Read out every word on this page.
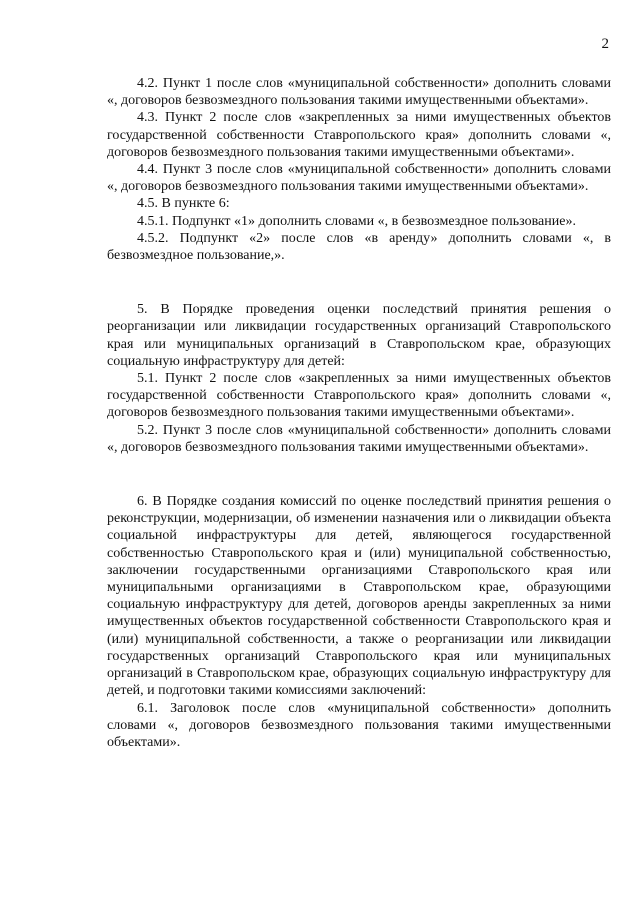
2

4.2. Пункт 1 после слов «муниципальной собственности» дополнить словами «, договоров безвозмездного пользования такими имущественными объектами».

4.3. Пункт 2 после слов «закрепленных за ними имущественных объектов государственной собственности Ставропольского края» дополнить словами «, договоров безвозмездного пользования такими имущественными объектами».

4.4. Пункт 3 после слов «муниципальной собственности» дополнить словами «, договоров безвозмездного пользования такими имущественными объектами».

4.5. В пункте 6:

4.5.1. Подпункт «1» дополнить словами «, в безвозмездное пользование».

4.5.2. Подпункт «2» после слов «в аренду» дополнить словами «, в безвозмездное пользование,».

5. В Порядке проведения оценки последствий принятия решения о реорганизации или ликвидации государственных организаций Ставропольского края или муниципальных организаций в Ставропольском крае, образующих социальную инфраструктуру для детей:

5.1. Пункт 2 после слов «закрепленных за ними имущественных объектов государственной собственности Ставропольского края» дополнить словами «, договоров безвозмездного пользования такими имущественными объектами».

5.2. Пункт 3 после слов «муниципальной собственности» дополнить словами «, договоров безвозмездного пользования такими имущественными объектами».

6. В Порядке создания комиссий по оценке последствий принятия решения о реконструкции, модернизации, об изменении назначения или о ликвидации объекта социальной инфраструктуры для детей, являющегося государственной собственностью Ставропольского края и (или) муниципальной собственностью, заключении государственными организациями Ставропольского края или муниципальными организациями в Ставропольском крае, образующими социальную инфраструктуру для детей, договоров аренды закрепленных за ними имущественных объектов государственной собственности Ставропольского края и (или) муниципальной собственности, а также о реорганизации или ликвидации государственных организаций Ставропольского края или муниципальных организаций в Ставропольском крае, образующих социальную инфраструктуру для детей, и подготовки такими комиссиями заключений:

6.1. Заголовок после слов «муниципальной собственности» дополнить словами «, договоров безвозмездного пользования такими имущественными объектами».
